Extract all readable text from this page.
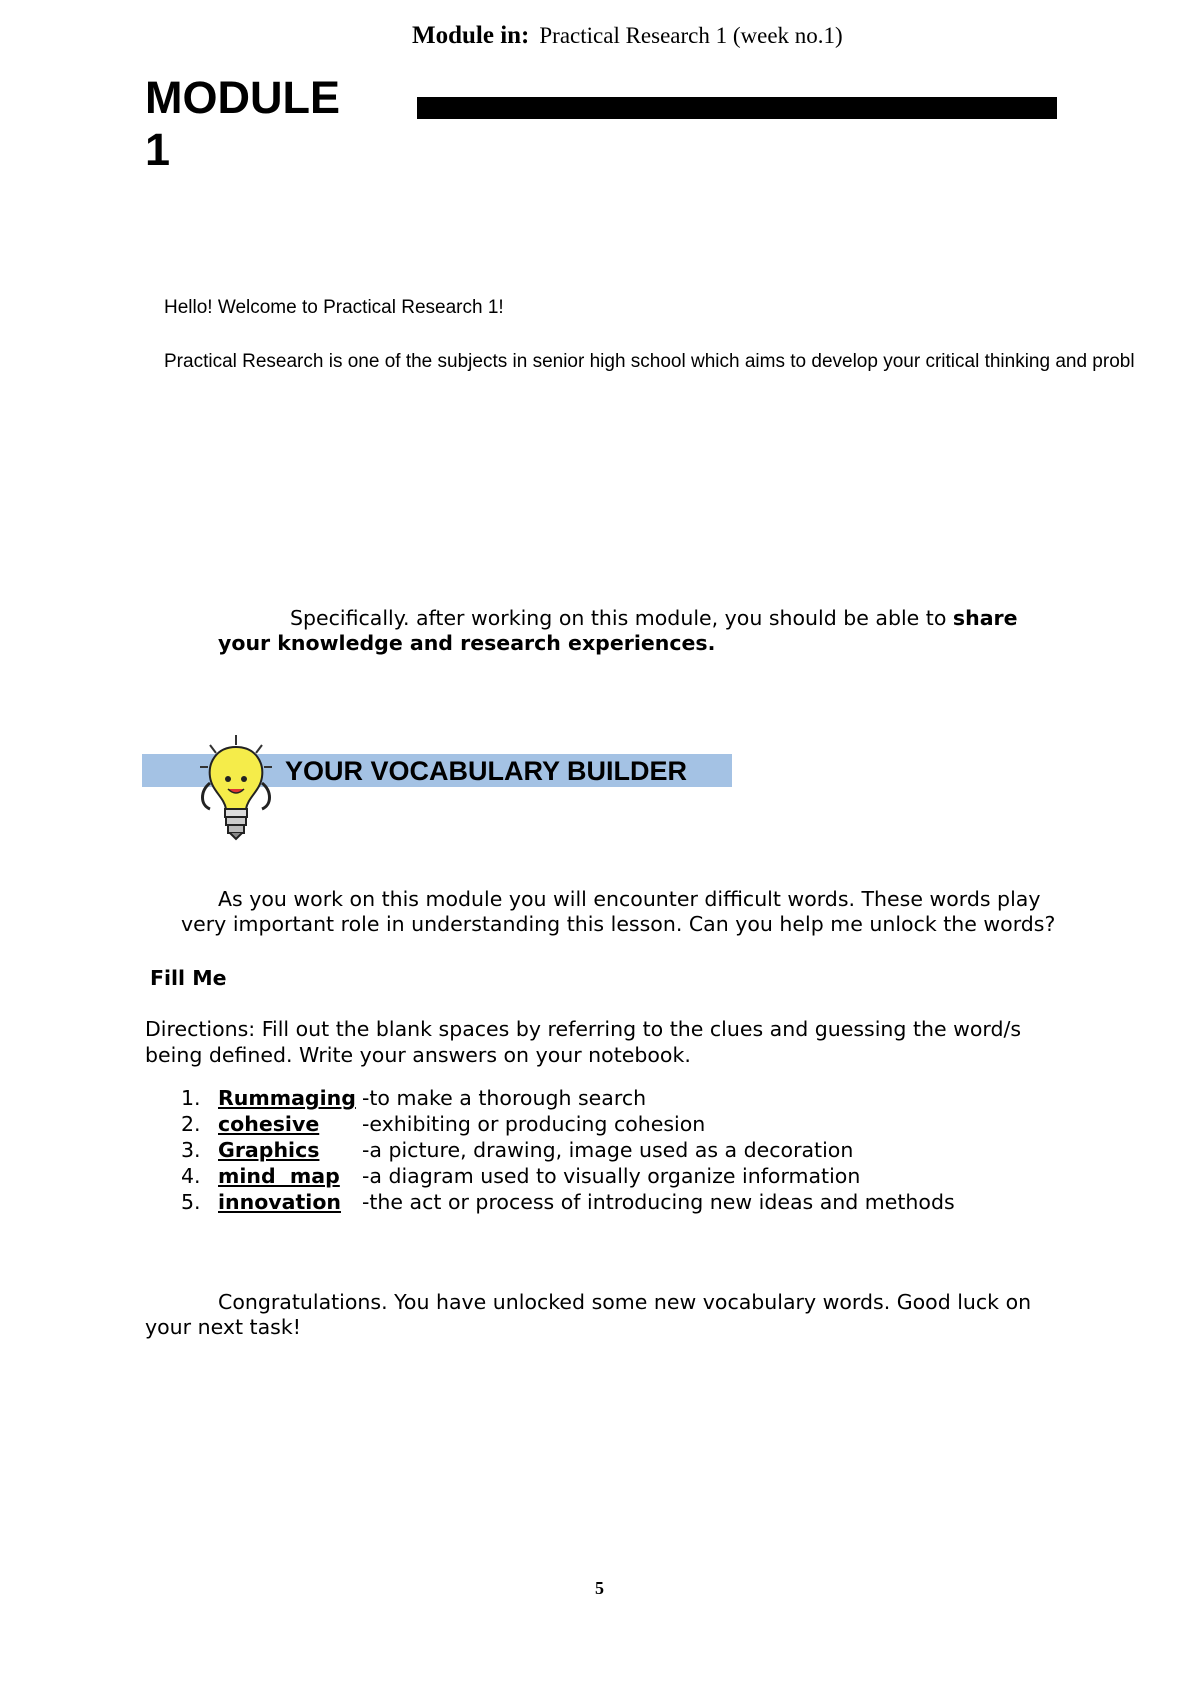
Module in: Practical Research 1 (week no.1)
MODULE 1
Hello! Welcome to Practical Research 1!
Practical Research is one of the subjects in senior high school which aims to develop your critical thinking and probl
Specifically. after working on this module, you should be able to share your knowledge and research experiences.
YOUR VOCABULARY BUILDER
As you work on this module you will encounter difficult words. These words play very important role in understanding this lesson. Can you help me unlock the words?
Fill Me
Directions: Fill out the blank spaces by referring to the clues and guessing the word/s being defined. Write your answers on your notebook.
1. Rummaging -to make a thorough search
2. cohesive -exhibiting or producing cohesion
3. Graphics -a picture, drawing, image used as a decoration
4. mind  map -a diagram used to visually organize information
5. innovation -the act or process of introducing new ideas and methods
Congratulations. You have unlocked some new vocabulary words. Good luck on your next task!
5
